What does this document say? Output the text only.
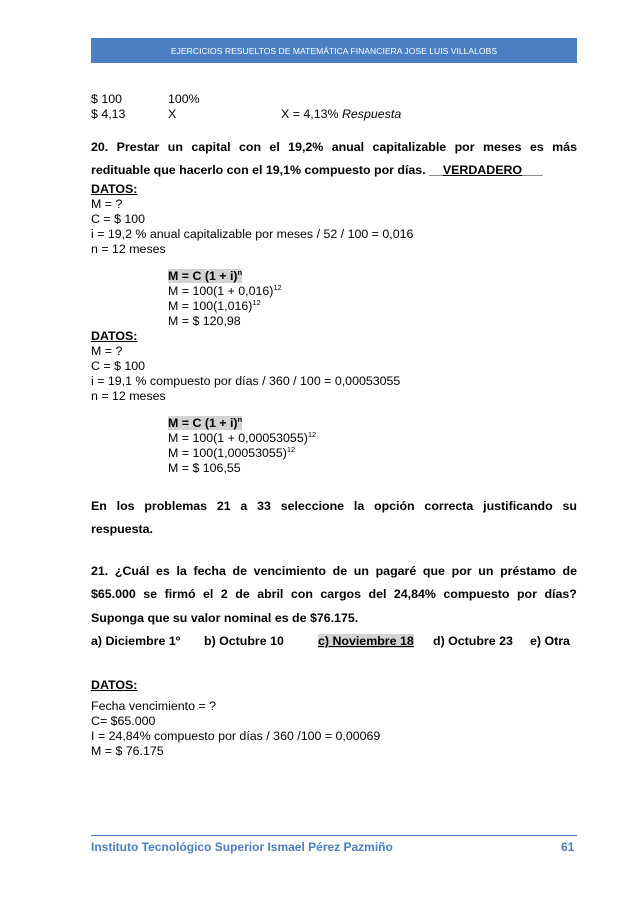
EJERCICIOS RESUELTOS DE MATEMÁTICA FINANCIERA JOSE LUIS VILLALOBS
$ 100	100%
$ 4,13	X	X = 4,13% Respuesta
20. Prestar un capital con el 19,2% anual capitalizable por meses es más
redituable que hacerlo con el 19,1% compuesto por días. __VERDADERO___
DATOS:
M = ?
C = $ 100
i = 19,2 % anual capitalizable por meses / 52 / 100 = 0,016
n = 12 meses
M = C $(1 + i)^n$
$M = 100(1 + 0,016)^{12}$
$M = 100(1,016)^{12}$
M = $ 120,98
DATOS:
M = ?
C = $ 100
i = 19,1 % compuesto por días / 360 / 100 = 0,00053055
n = 12 meses
M = C $(1 + i)^n$
$M = 100(1 + 0,00053055)^{12}$
$M = 100(1,00053055)^{12}$
M = $ 106,55
En los problemas 21 a 33 seleccione la opción correcta justificando su
respuesta.
21. ¿Cuál es la fecha de vencimiento de un pagaré que por un préstamo de
$65.000 se firmó el 2 de abril con cargos del 24,84% compuesto por días?
Suponga que su valor nominal es de $76.175.
a) Diciembre 1º b) Octubre 10	c) Noviembre 18 d) Octubre 23 e) Otra
DATOS:
Fecha vencimiento = ?
C= $65.000
I = 24,84% compuesto por días / 360 /100 = 0,00069
M = $ 76.175
Instituto Tecnológico Superior Ismael Pérez Pazmiño	61
